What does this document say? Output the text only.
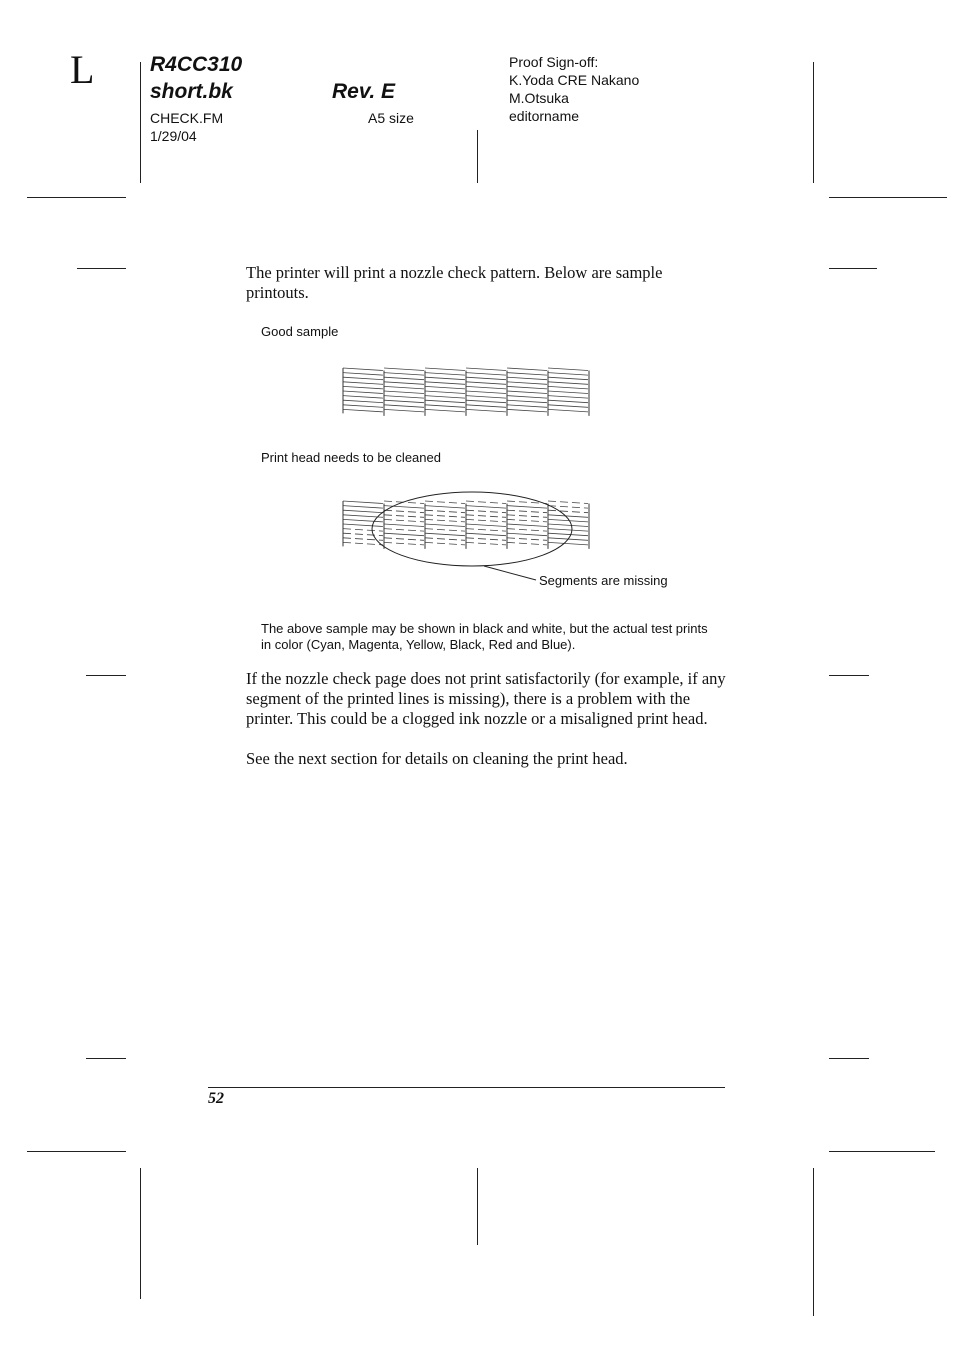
L	R4CC310
short.bk	Rev. E
CHECK.FM
1/29/04
A5 size
Proof Sign-off:
K.Yoda CRE Nakano
M.Otsuka
editorname
The printer will print a nozzle check pattern. Below are sample printouts.
Good sample
Print head needs to be cleaned
Segments are missing
The above sample may be shown in black and white, but the actual test prints in color (Cyan, Magenta, Yellow, Black, Red and Blue).
If the nozzle check page does not print satisfactorily (for example, if any segment of the printed lines is missing), there is a problem with the printer. This could be a clogged ink nozzle or a misaligned print head.
See the next section for details on cleaning the print head.
52
